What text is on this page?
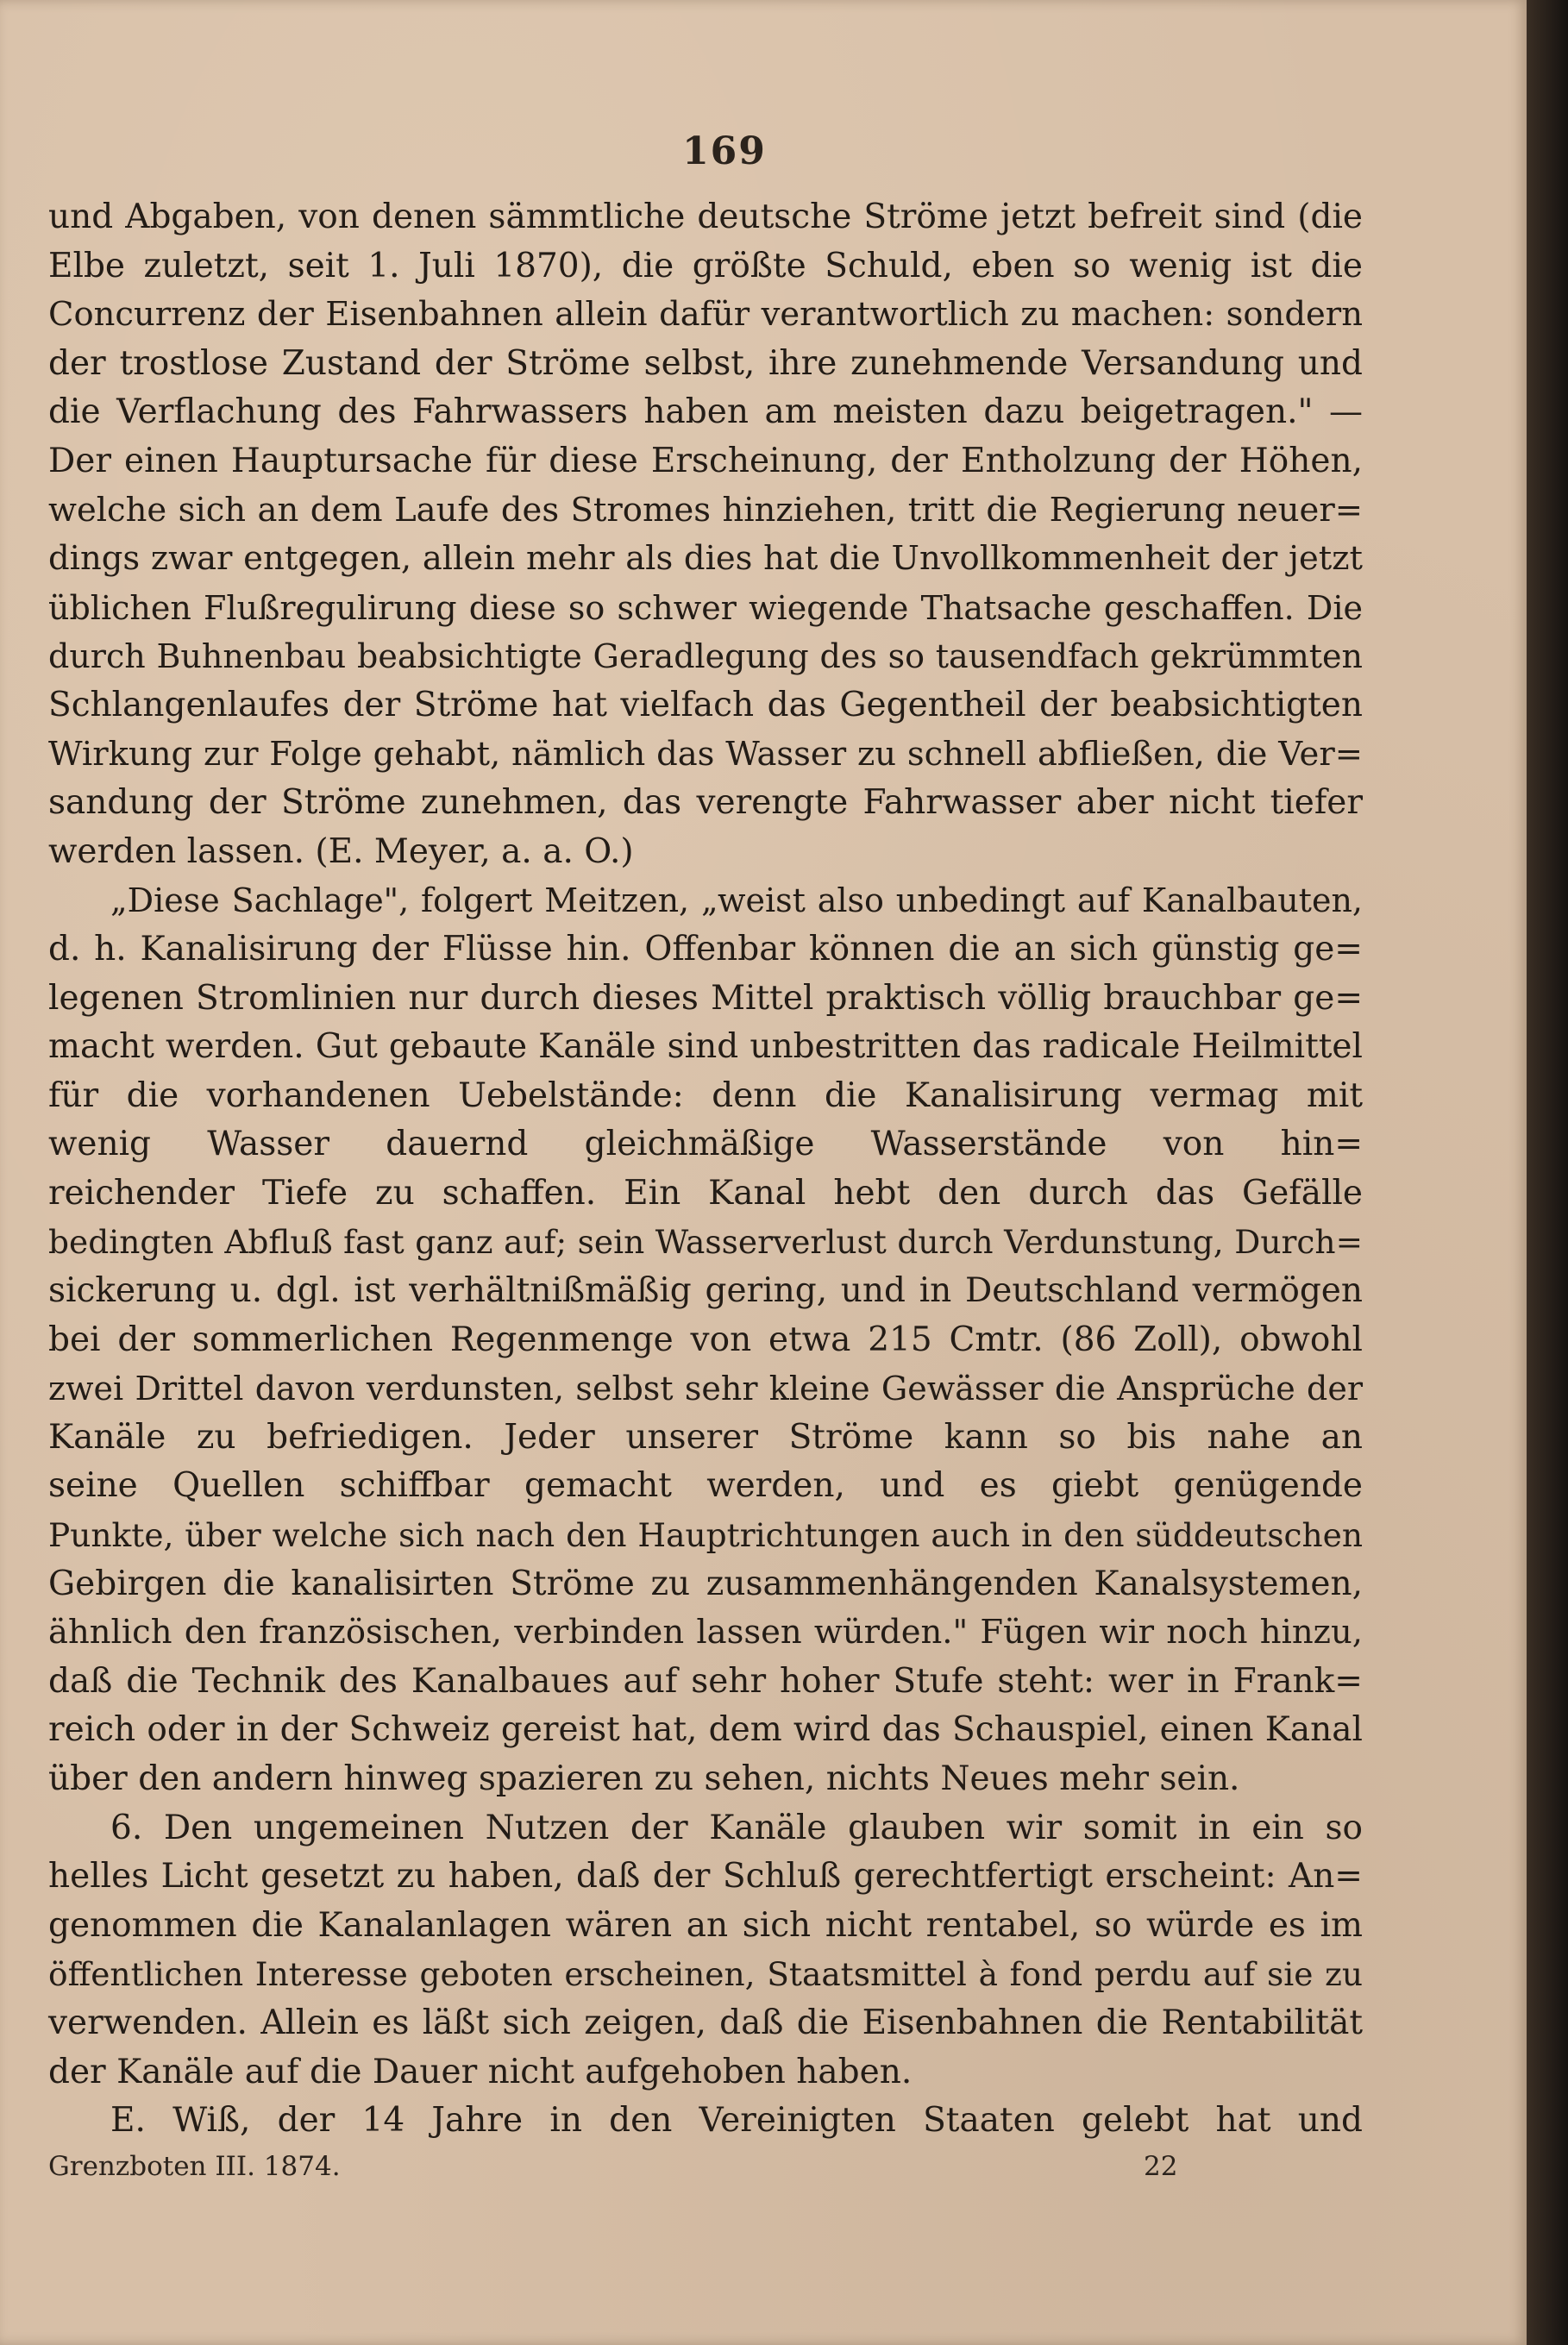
169
und Abgaben, von denen sämmtliche deutsche Ströme jetzt befreit sind (die
Elbe zuletzt, seit 1. Juli 1870), die größte Schuld, eben so wenig ist die
Concurrenz der Eisenbahnen allein dafür verantwortlich zu machen: sondern
der trostlose Zustand der Ströme selbst, ihre zunehmende Versandung und
die Verflachung des Fahrwassers haben am meisten dazu beigetragen." —
Der einen Hauptursache für diese Erscheinung, der Entholzung der Höhen,
welche sich an dem Laufe des Stromes hinziehen, tritt die Regierung neuer=
dings zwar entgegen, allein mehr als dies hat die Unvollkommenheit der jetzt
üblichen Flußregulirung diese so schwer wiegende Thatsache geschaffen. Die
durch Buhnenbau beabsichtigte Geradlegung des so tausendfach gekrümmten
Schlangenlaufes der Ströme hat vielfach das Gegentheil der beabsichtigten
Wirkung zur Folge gehabt, nämlich das Wasser zu schnell abfließen, die Ver=
sandung der Ströme zunehmen, das verengte Fahrwasser aber nicht tiefer
werden lassen. (E. Meyer, a. a. O.)
„Diese Sachlage", folgert Meitzen, „weist also unbedingt auf Kanalbauten,
d. h. Kanalisirung der Flüsse hin. Offenbar können die an sich günstig ge=
legenen Stromlinien nur durch dieses Mittel praktisch völlig brauchbar ge=
macht werden. Gut gebaute Kanäle sind unbestritten das radicale Heilmittel
für die vorhandenen Uebelstände: denn die Kanalisirung vermag mit
wenig Wasser dauernd gleichmäßige Wasserstände von hin=
reichender Tiefe zu schaffen. Ein Kanal hebt den durch das Gefälle
bedingten Abfluß fast ganz auf; sein Wasserverlust durch Verdunstung, Durch=
sickerung u. dgl. ist verhältnißmäßig gering, und in Deutschland vermögen
bei der sommerlichen Regenmenge von etwa 215 Cmtr. (86 Zoll), obwohl
zwei Drittel davon verdunsten, selbst sehr kleine Gewässer die Ansprüche der
Kanäle zu befriedigen. Jeder unserer Ströme kann so bis nahe an
seine Quellen schiffbar gemacht werden, und es giebt genügende
Punkte, über welche sich nach den Hauptrichtungen auch in den süddeutschen
Gebirgen die kanalisirten Ströme zu zusammenhängenden Kanalsystemen,
ähnlich den französischen, verbinden lassen würden." Fügen wir noch hinzu,
daß die Technik des Kanalbaues auf sehr hoher Stufe steht: wer in Frank=
reich oder in der Schweiz gereist hat, dem wird das Schauspiel, einen Kanal
über den andern hinweg spazieren zu sehen, nichts Neues mehr sein.
6. Den ungemeinen Nutzen der Kanäle glauben wir somit in ein so
helles Licht gesetzt zu haben, daß der Schluß gerechtfertigt erscheint: An=
genommen die Kanalanlagen wären an sich nicht rentabel, so würde es im
öffentlichen Interesse geboten erscheinen, Staatsmittel à fond perdu auf sie zu
verwenden. Allein es läßt sich zeigen, daß die Eisenbahnen die Rentabilität
der Kanäle auf die Dauer nicht aufgehoben haben.
E. Wiß, der 14 Jahre in den Vereinigten Staaten gelebt hat und
Grenzboten III. 1874.	22
